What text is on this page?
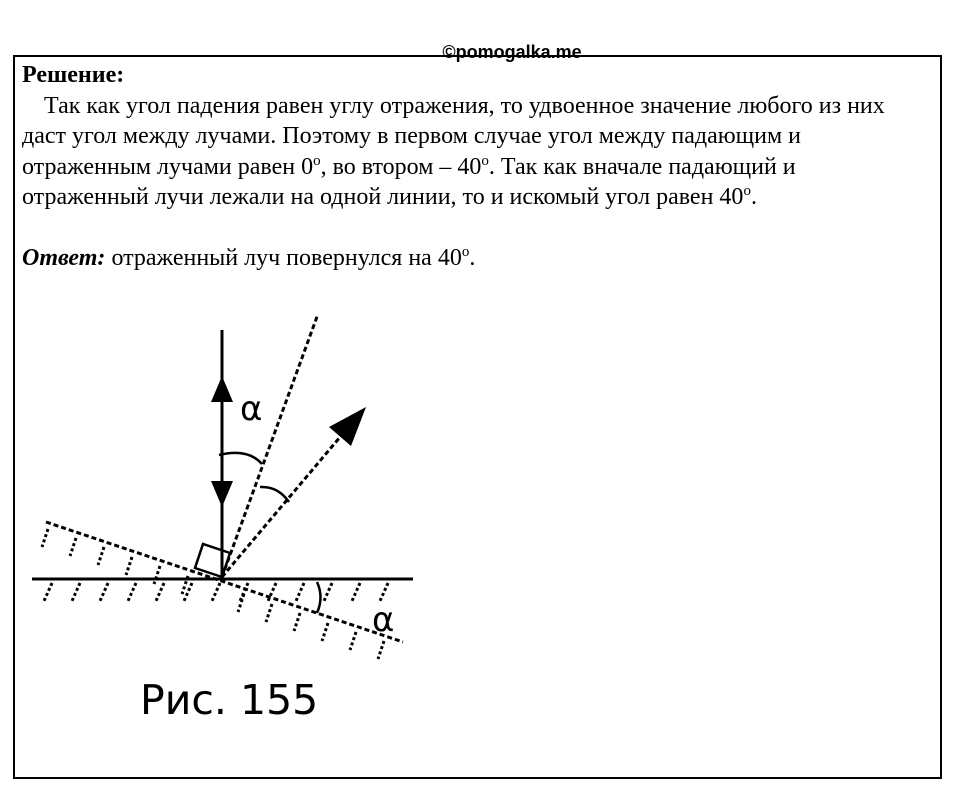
©pomogalka.me
Решение:

Так как угол падения равен углу отражения, то удвоенное значение любого из них даст угол между лучами. Поэтому в первом случае угол между падающим и отраженным лучами равен 0$^o$, во втором – 40$^o$. Так как вначале падающий и отраженный лучи лежали на одной линии, то и искомый угол равен 40$^o$.

Ответ: отраженный луч повернулся на 40$^o$.
α
α
Рис. 155
